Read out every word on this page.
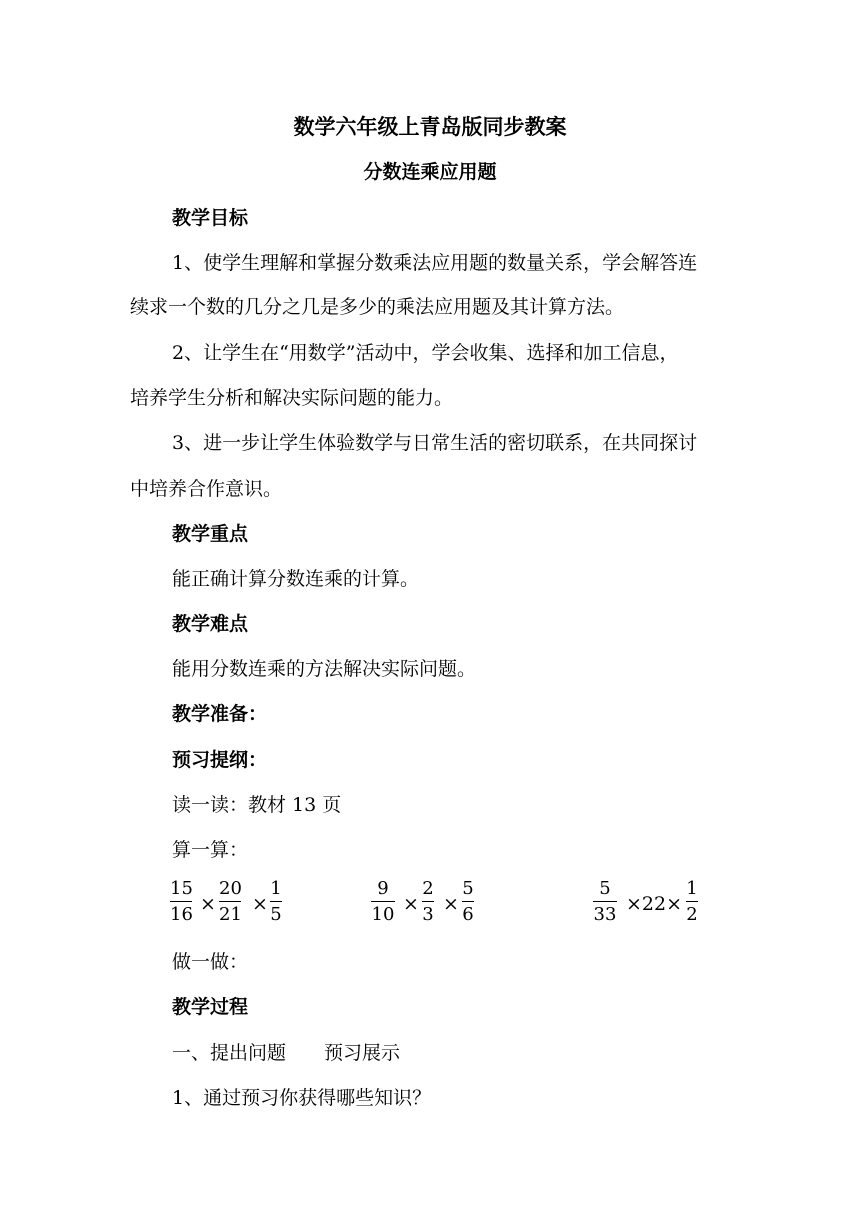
数学六年级上青岛版同步教案
分数连乘应用题
教学目标
1、使学生理解和掌握分数乘法应用题的数量关系，学会解答连
续求一个数的几分之几是多少的乘法应用题及其计算方法。
2、让学生在“用数学”活动中，学会收集、选择和加工信息，
培养学生分析和解决实际问题的能力。
3、进一步让学生体验数学与日常生活的密切联系，在共同探讨
中培养合作意识。
教学重点
能正确计算分数连乘的计算。
教学难点
能用分数连乘的方法解决实际问题。
教学准备：
预习提纲：
读一读：教材 13 页
算一算：
15
16 ×
20
21 ×
1
5
9
10 ×
2
3 ×
5
6
5
33 ×22×
1
2
做一做：
教学过程
一、提出问题　　预习展示
1、通过预习你获得哪些知识？
